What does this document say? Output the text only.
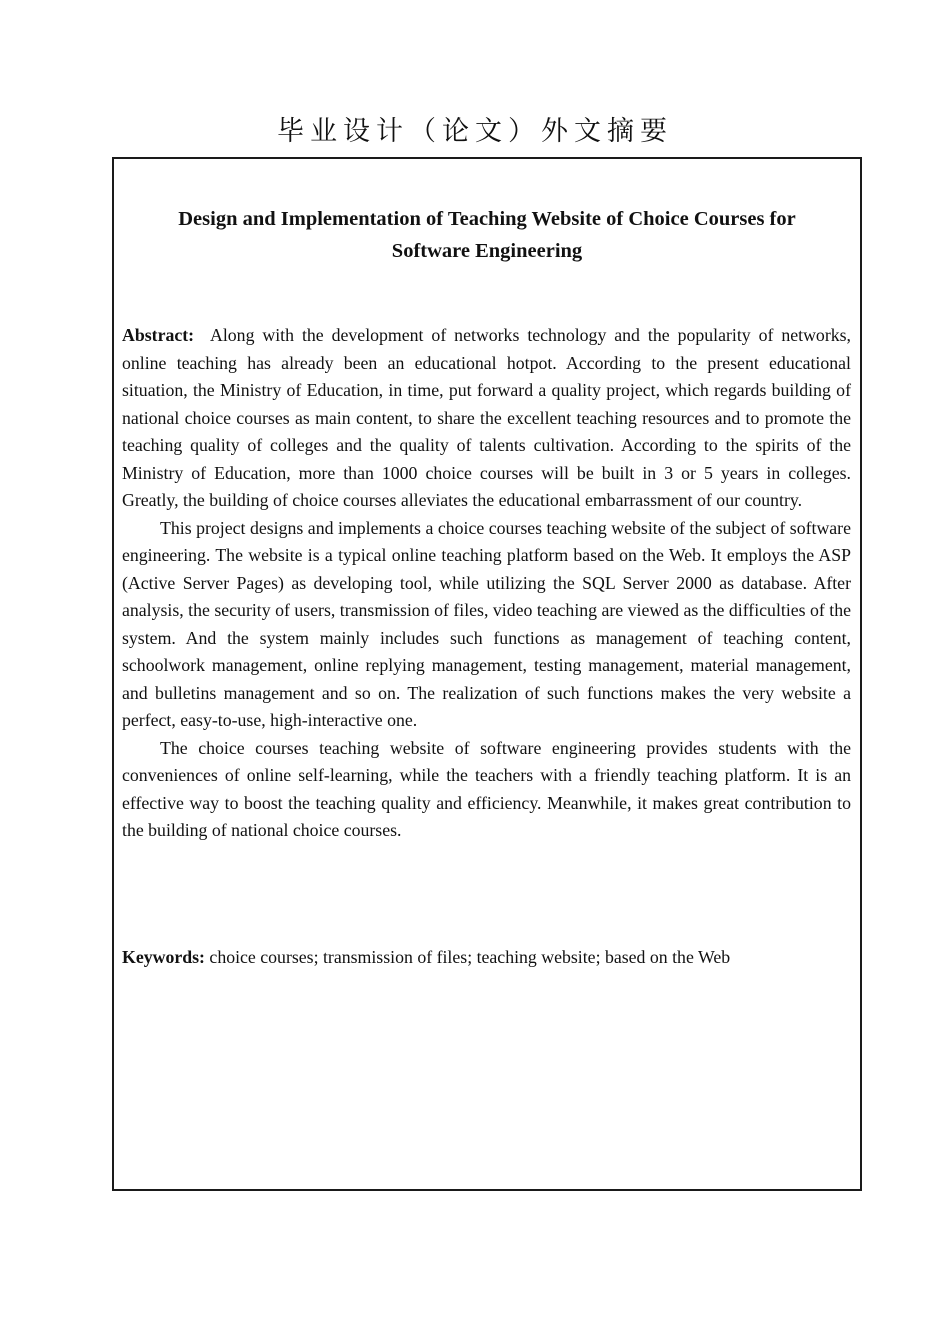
毕业设计（论文）外文摘要
Design and Implementation of Teaching Website of Choice Courses for
Software Engineering

Abstract: Along with the development of networks technology and the popularity of networks, online teaching has already been an educational hotpot. According to the present educational situation, the Ministry of Education, in time, put forward a quality project, which regards building of national choice courses as main content, to share the excellent teaching resources and to promote the teaching quality of colleges and the quality of talents cultivation. According to the spirits of the Ministry of Education, more than 1000 choice courses will be built in 3 or 5 years in colleges. Greatly, the building of choice courses alleviates the educational embarrassment of our country.

This project designs and implements a choice courses teaching website of the subject of software engineering. The website is a typical online teaching platform based on the Web. It employs the ASP (Active Server Pages) as developing tool, while utilizing the SQL Server 2000 as database. After analysis, the security of users, transmission of files, video teaching are viewed as the difficulties of the system. And the system mainly includes such functions as management of teaching content, schoolwork management, online replying management, testing management, material management, and bulletins management and so on. The realization of such functions makes the very website a perfect, easy-to-use, high-interactive one.

The choice courses teaching website of software engineering provides students with the conveniences of online self-learning, while the teachers with a friendly teaching platform. It is an effective way to boost the teaching quality and efficiency. Meanwhile, it makes great contribution to the building of national choice courses.

Keywords: choice courses; transmission of files; teaching website; based on the Web
